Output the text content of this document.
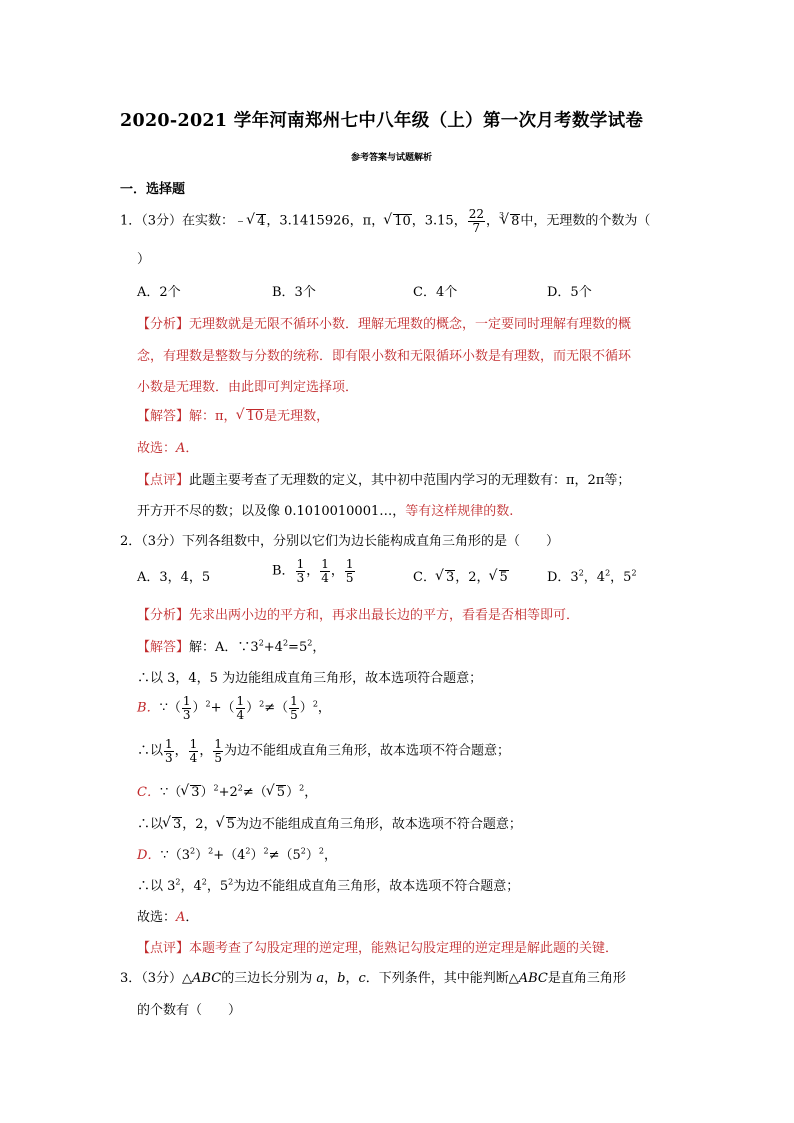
2020-2021 学年河南郑州七中八年级（上）第一次月考数学试卷
参考答案与试题解析
一．选择题
1．（3分）在实数：﹣√ 4，3.1415926，π，√ 10，3.15， $\frac{22}{7}$ ，$^3$√ 8中，无理数的个数为（
）
A．2个	B．3个	C．4个	D．5个
【分析】无理数就是无限不循环小数．理解无理数的概念，一定要同时理解有理数的概
念，有理数是整数与分数的统称．即有限小数和无限循环小数是有理数，而无限不循环
小数是无理数．由此即可判定选择项．
【解答】解：π，√ 10是无理数，
故选：A．
【点评】此题主要考查了无理数的定义，其中初中范围内学习的无理数有：π，2π等；
开方开不尽的数；以及像 0.1010010001…，等有这样规律的数.
2．（3分）下列各组数中，分别以它们为边长能构成直角三角形的是（　　）
A．3，4，5	B． $\frac{1}{3}$ ， $\frac{1}{4}$ ， $\frac{1}{5}$	C．√ 3，2，√ 5	D．$3^2$，$4^2$，$5^2$
【分析】先求出两小边的平方和，再求出最长边的平方，看看是否相等即可．
【解答】解：A．$\because 3^2+4^2=5^2$，
∴以 3，4，5 为边能组成直角三角形，故本选项符合题意；
B．∵（ $\frac{1}{3} )^2+( \frac{1}{4} )^2\ne( \frac{1}{5} )^2$，
∴以 $\frac{1}{3}$ ， $\frac{1}{4}$ ， $\frac{1}{5}$ 为边不能组成直角三角形，故本选项不符合题意；
C．∵（√ $3)^2+2^2\ne(√$ 5）$^2$，
∴以√ 3，2，√ 5为边不能组成直角三角形，故本选项不符合题意；
D．$\because(3^2)^2+(4^2)^2\ne(5^2)^2$，
∴以 $3^2$，$4^2$，$5^2$为边不能组成直角三角形，故本选项不符合题意；
故选：A．
【点评】本题考查了勾股定理的逆定理，能熟记勾股定理的逆定理是解此题的关键．
3．（3分）△ABC的三边长分别为 a，b，c．下列条件，其中能判断△ABC是直角三角形
的个数有（　　）
